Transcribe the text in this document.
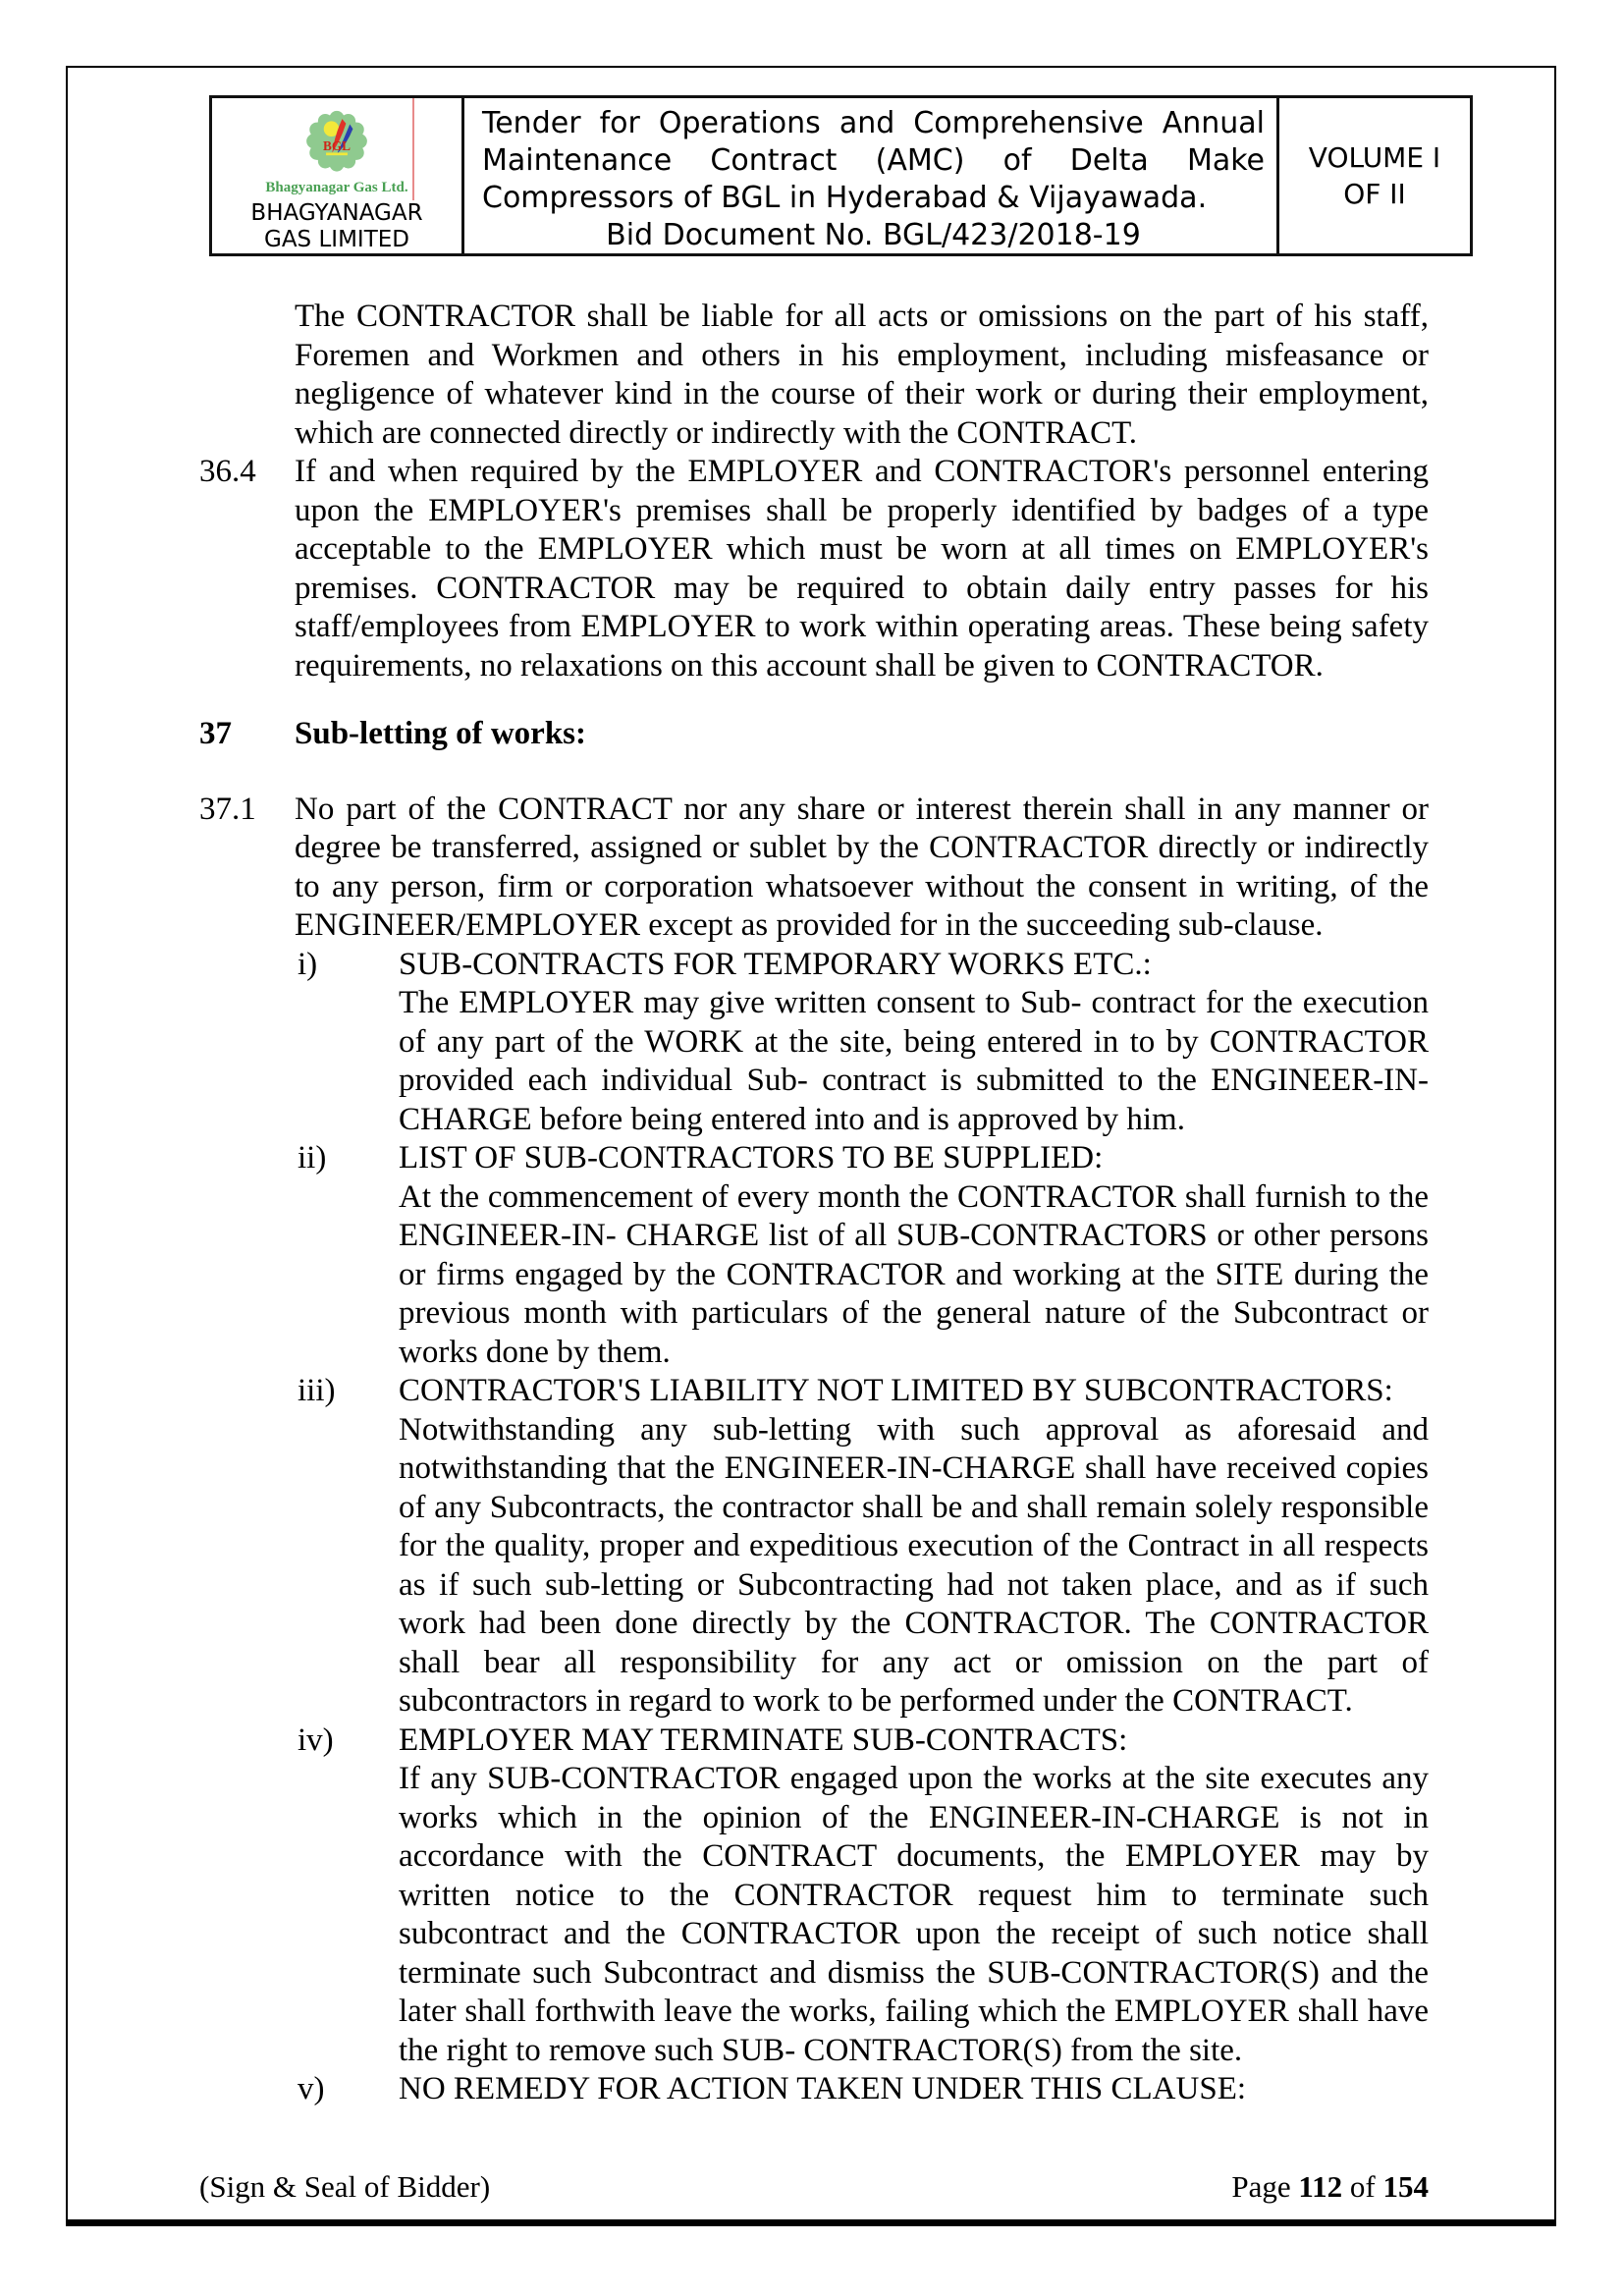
BGL
Bhagyanagar Gas Ltd.
BHAGYANAGAR GAS LIMITED
Tender for Operations and Comprehensive Annual
Maintenance Contract (AMC) of Delta Make
Compressors of BGL in Hyderabad & Vijayawada.
Bid Document No. BGL/423/2018-19
VOLUME I
OF II
The CONTRACTOR shall be liable for all acts or omissions on the part of his staff, Foremen and Workmen and others in his employment, including misfeasance or negligence of whatever kind in the course of their work or during their employment, which are connected directly or indirectly with the CONTRACT.
36.4	If and when required by the EMPLOYER and CONTRACTOR's personnel entering upon the EMPLOYER's premises shall be properly identified by badges of a type acceptable to the EMPLOYER which must be worn at all times on EMPLOYER's premises. CONTRACTOR may be required to obtain daily entry passes for his staff/employees from EMPLOYER to work within operating areas. These being safety requirements, no relaxations on this account shall be given to CONTRACTOR.
37	Sub-letting of works:
37.1	No part of the CONTRACT nor any share or interest therein shall in any manner or degree be transferred, assigned or sublet by the CONTRACTOR directly or indirectly to any person, firm or corporation whatsoever without the consent in writing, of the ENGINEER/EMPLOYER except as provided for in the succeeding sub-clause.
i)	SUB-CONTRACTS FOR TEMPORARY WORKS ETC.:
The EMPLOYER may give written consent to Sub- contract for the execution of any part of the WORK at the site, being entered in to by CONTRACTOR provided each individual Sub- contract is submitted to the ENGINEER-IN-CHARGE before being entered into and is approved by him.
ii)	LIST OF SUB-CONTRACTORS TO BE SUPPLIED:
At the commencement of every month the CONTRACTOR shall furnish to the ENGINEER-IN- CHARGE list of all SUB-CONTRACTORS or other persons or firms engaged by the CONTRACTOR and working at the SITE during the previous month with particulars of the general nature of the Subcontract or works done by them.
iii)	CONTRACTOR'S LIABILITY NOT LIMITED BY SUBCONTRACTORS:
Notwithstanding any sub-letting with such approval as aforesaid and notwithstanding that the ENGINEER-IN-CHARGE shall have received copies of any Subcontracts, the contractor shall be and shall remain solely responsible for the quality, proper and expeditious execution of the Contract in all respects as if such sub-letting or Subcontracting had not taken place, and as if such work had been done directly by the CONTRACTOR. The CONTRACTOR shall bear all responsibility for any act or omission on the part of subcontractors in regard to work to be performed under the CONTRACT.
iv)	EMPLOYER MAY TERMINATE SUB-CONTRACTS:
If any SUB-CONTRACTOR engaged upon the works at the site executes any works which in the opinion of the ENGINEER-IN-CHARGE is not in accordance with the CONTRACT documents, the EMPLOYER may by written notice to the CONTRACTOR request him to terminate such subcontract and the CONTRACTOR upon the receipt of such notice shall terminate such Subcontract and dismiss the SUB-CONTRACTOR(S) and the later shall forthwith leave the works, failing which the EMPLOYER shall have the right to remove such SUB- CONTRACTOR(S) from the site.
v)	NO REMEDY FOR ACTION TAKEN UNDER THIS CLAUSE:
(Sign & Seal of Bidder)	Page 112 of 154
